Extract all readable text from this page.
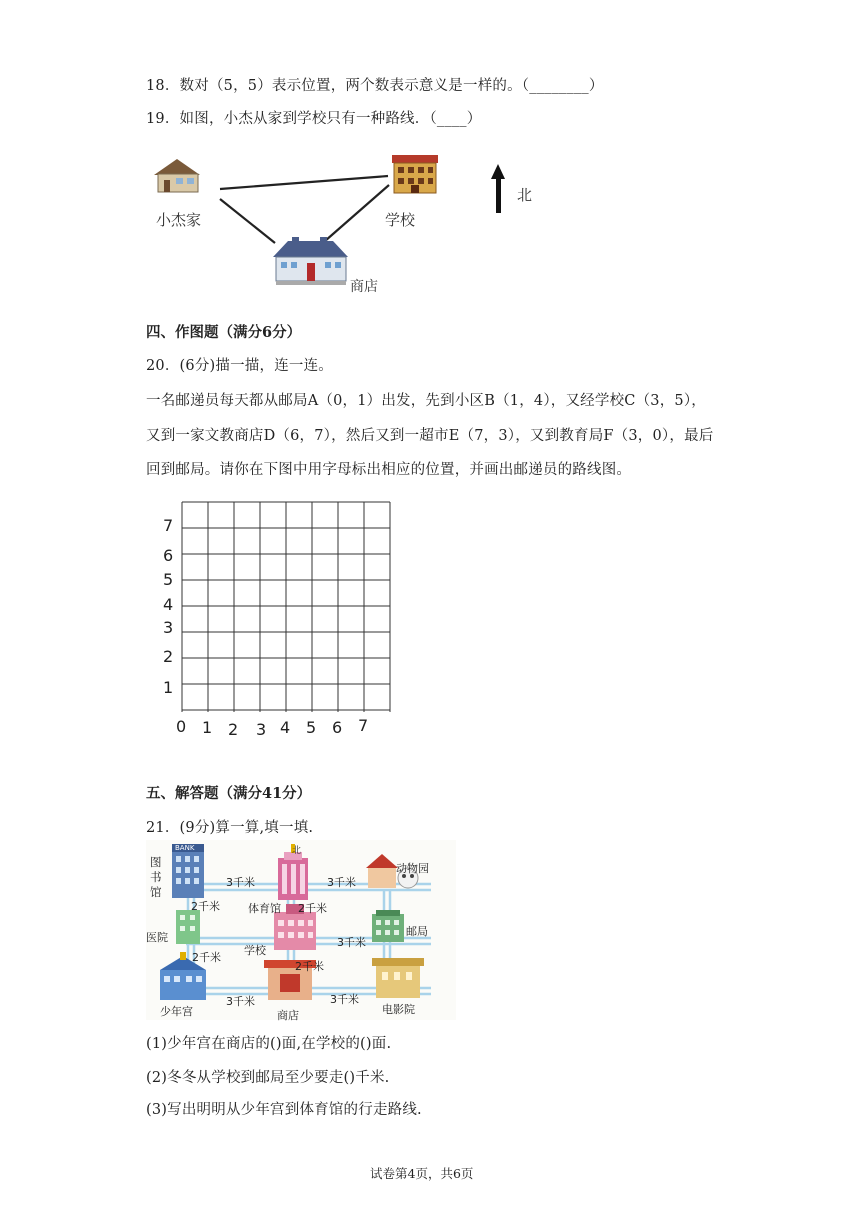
18．数对（5，5）表示位置，两个数表示意义是一样的。（________）
19．如图，小杰从家到学校只有一种路线．（____）
小杰家	学校
商店
北
四、作图题（满分6分）
20．(6分)描一描，连一连。
一名邮递员每天都从邮局A（0，1）出发，先到小区B（1，4），又经学校C（3，5），
又到一家文教商店D（6，7），然后又到一超市E（7，3），又到教育局F（3，0），最后
回到邮局。请你在下图中用字母标出相应的位置，并画出邮递员的路线图。
7
6
5
4
3
2
1
0 1 2 3 4 5 6 7
五、解答题（满分41分）
21．(9分)算一算,填一填.
BANK	北
图
书
馆
3千米	3千米
动物园
2千米	体育馆 2千米
医院	3千米
邮局
学校
2千米
2千米
3千米	3千米
电影院
少年宫	商店
(1)少年宫在商店的()面,在学校的()面.
(2)冬冬从学校到邮局至少要走()千米.
(3)写出明明从少年宫到体育馆的行走路线.
试卷第4页，共6页
